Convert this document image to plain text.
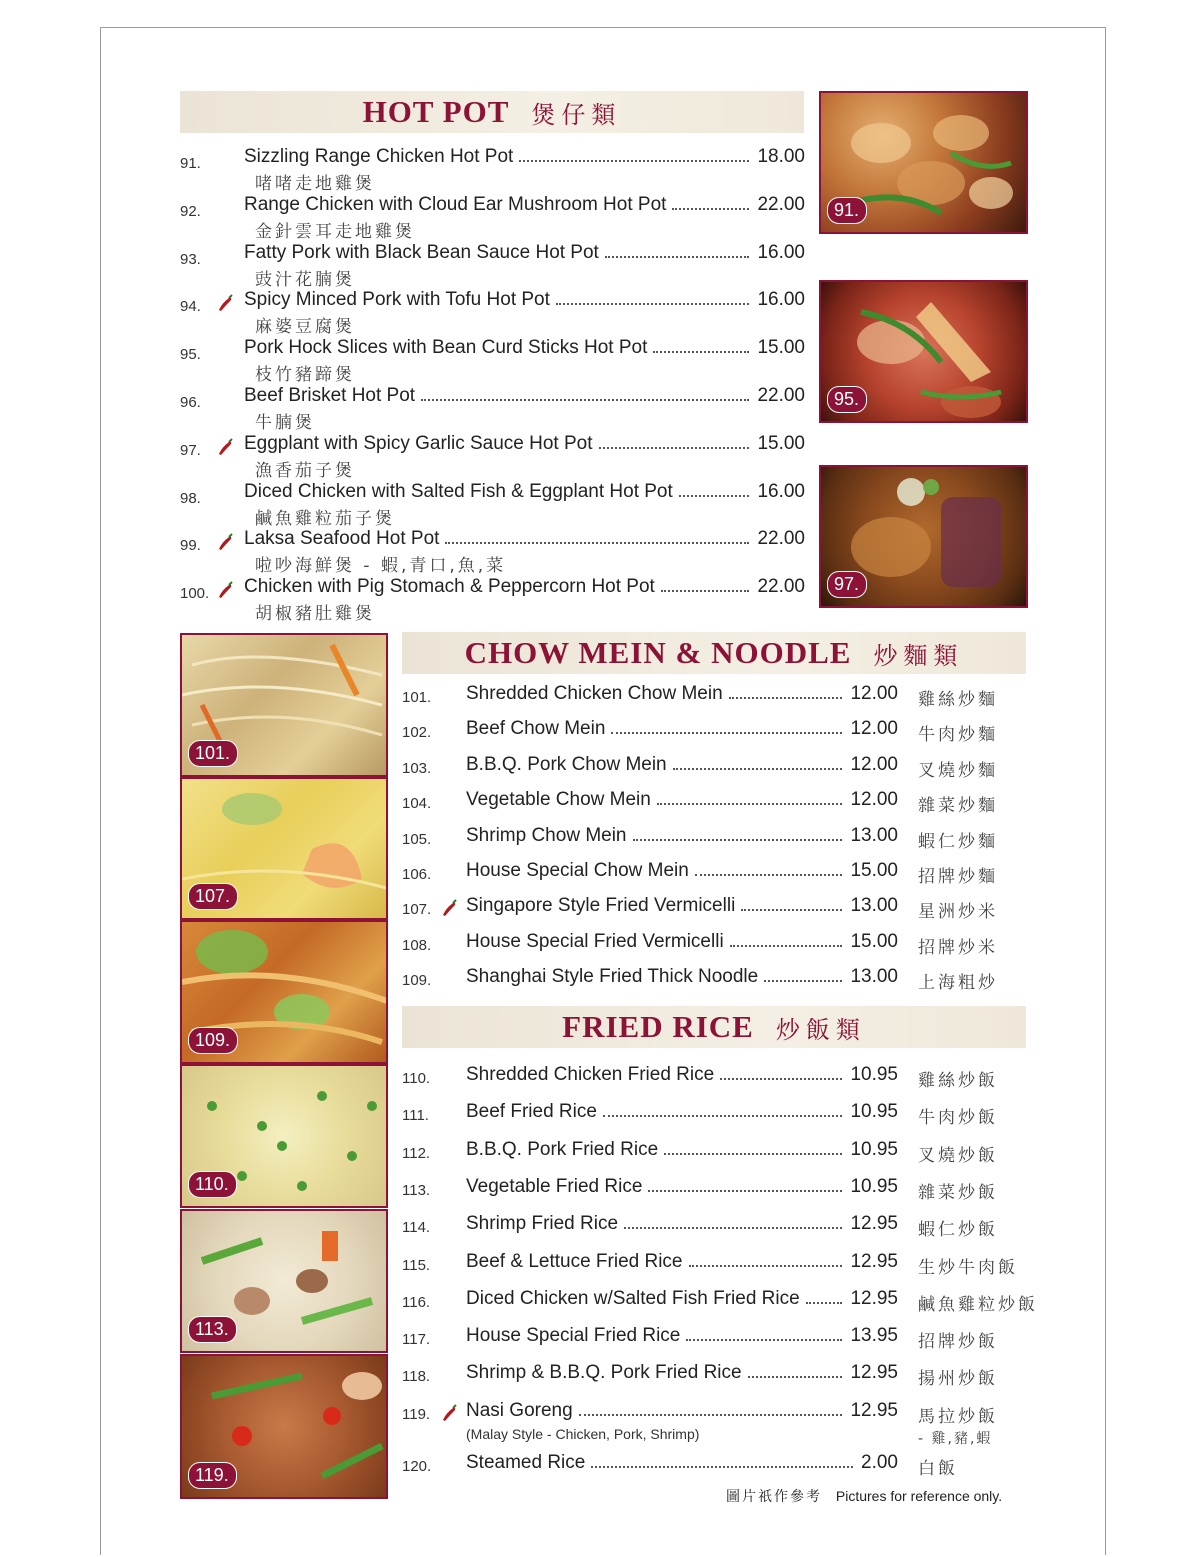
HOT POT 煲仔類
91. Sizzling Range Chicken Hot Pot	18.00
啫啫走地雞煲
92. Range Chicken with Cloud Ear Mushroom Hot Pot	22.00
金針雲耳走地雞煲
93. Fatty Pork with Black Bean Sauce Hot Pot	16.00
豉汁花腩煲
94. Spicy Minced Pork with Tofu Hot Pot	16.00
麻婆豆腐煲
95. Pork Hock Slices with Bean Curd Sticks Hot Pot	15.00
枝竹豬蹄煲
96. Beef Brisket Hot Pot	22.00
牛腩煲
97. Eggplant with Spicy Garlic Sauce Hot Pot	15.00
漁香茄子煲
98. Diced Chicken with Salted Fish & Eggplant Hot Pot	16.00
鹹魚雞粒茄子煲
99. Laksa Seafood Hot Pot	22.00
啦吵海鮮煲 - 蝦,青口,魚,菜
100. Chicken with Pig Stomach & Peppercorn Hot Pot	22.00
胡椒豬肚雞煲
91.
95.
97.
101.
107.
109.
110.
113.
119.
CHOW MEIN & NOODLE 炒麵類
101. Shredded Chicken Chow Mein	12.00 雞絲炒麵
102. Beef Chow Mein	12.00 牛肉炒麵
103. B.B.Q. Pork Chow Mein	12.00 叉燒炒麵
104. Vegetable Chow Mein	12.00 雜菜炒麵
105. Shrimp Chow Mein	13.00 蝦仁炒麵
106. House Special Chow Mein	15.00 招牌炒麵
107. Singapore Style Fried Vermicelli	13.00 星洲炒米
108. House Special Fried Vermicelli	15.00 招牌炒米
109. Shanghai Style Fried Thick Noodle	13.00 上海粗炒
FRIED RICE 炒飯類
110. Shredded Chicken Fried Rice	10.95 雞絲炒飯
111. Beef Fried Rice	10.95 牛肉炒飯
112. B.B.Q. Pork Fried Rice	10.95 叉燒炒飯
113. Vegetable Fried Rice	10.95 雜菜炒飯
114. Shrimp Fried Rice	12.95 蝦仁炒飯
115. Beef & Lettuce Fried Rice	12.95 生炒牛肉飯
116. Diced Chicken w/Salted Fish Fried Rice	12.95 鹹魚雞粒炒飯
117. House Special Fried Rice	13.95 招牌炒飯
118. Shrimp & B.B.Q. Pork Fried Rice	12.95 揚州炒飯
119. Nasi Goreng	12.95 馬拉炒飯
(Malay Style - Chicken, Pork, Shrimp)	- 雞,豬,蝦
120. Steamed Rice	2.00 白飯
圖片祇作參考 Pictures for reference only.
